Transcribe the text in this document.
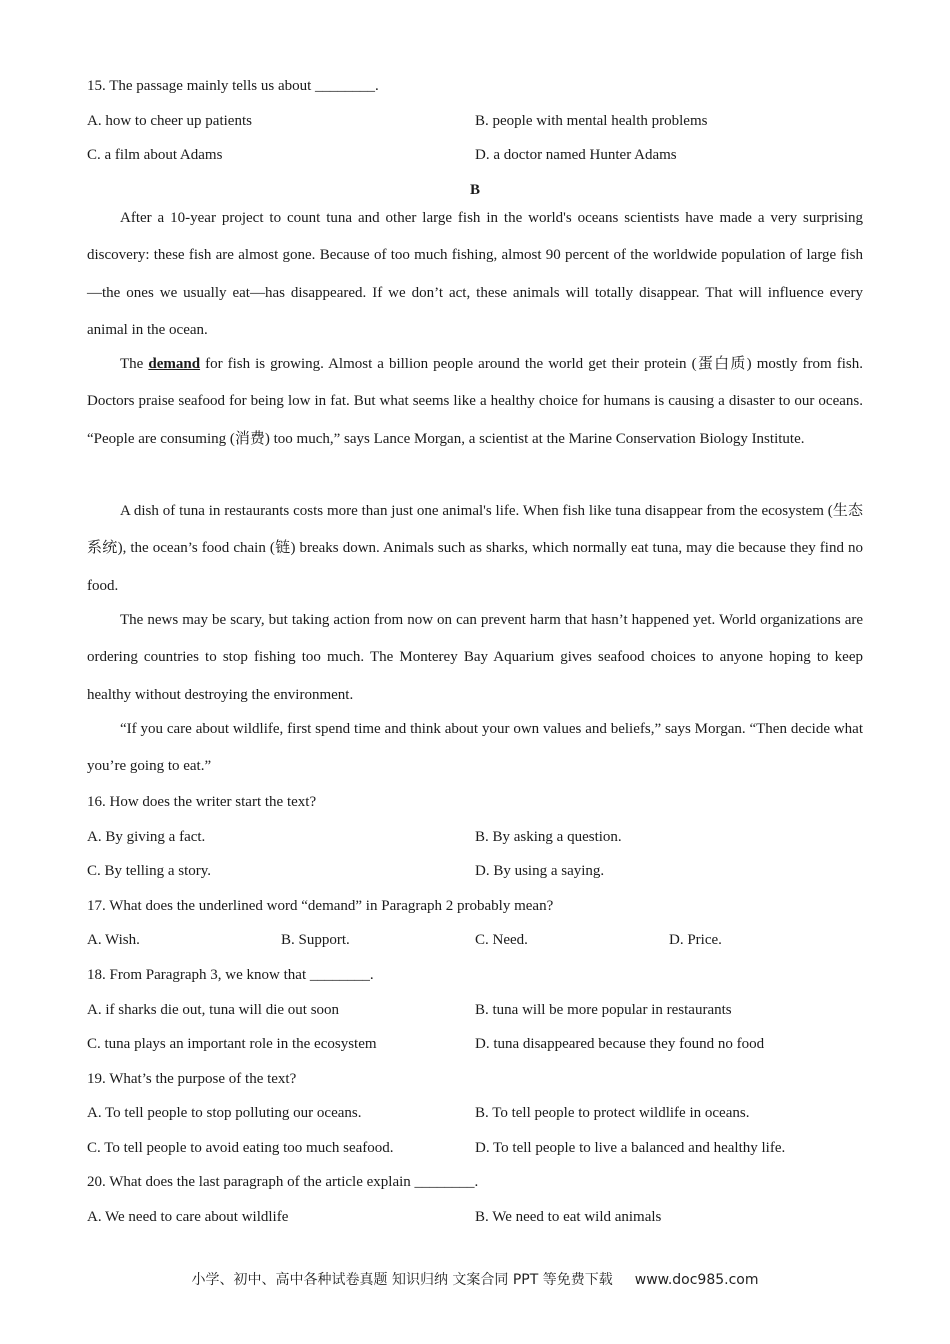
15. The passage mainly tells us about ________.
A. how to cheer up patients	B. people with mental health problems
C. a film about Adams	D. a doctor named Hunter Adams
B

After a 10-year project to count tuna and other large fish in the world's oceans scientists have made a very surprising discovery: these fish are almost gone. Because of too much fishing, almost 90 percent of the worldwide population of large fish—the ones we usually eat—has disappeared. If we don’t act, these animals will totally disappear. That will influence every animal in the ocean.

The demand for fish is growing. Almost a billion people around the world get their protein (蛋白质) mostly from fish. Doctors praise seafood for being low in fat. But what seems like a healthy choice for humans is causing a disaster to our oceans. “People are consuming (消费) too much,” says Lance Morgan, a scientist at the Marine Conservation Biology Institute.

A dish of tuna in restaurants costs more than just one animal's life. When fish like tuna disappear from the ecosystem (生态系统), the ocean’s food chain (链) breaks down. Animals such as sharks, which normally eat tuna, may die because they find no food.

The news may be scary, but taking action from now on can prevent harm that hasn’t happened yet. World organizations are ordering countries to stop fishing too much. The Monterey Bay Aquarium gives seafood choices to anyone hoping to keep healthy without destroying the environment.

“If you care about wildlife, first spend time and think about your own values and beliefs,” says Morgan. “Then decide what you’re going to eat.”

16. How does the writer start the text?
A. By giving a fact.	B. By asking a question.
C. By telling a story.	D. By using a saying.
17. What does the underlined word “demand” in Paragraph 2 probably mean?
A. Wish.	B. Support.	C. Need.	D. Price.
18. From Paragraph 3, we know that ________.
A. if sharks die out, tuna will die out soon	B. tuna will be more popular in restaurants
C. tuna plays an important role in the ecosystem	D. tuna disappeared because they found no food
19. What’s the purpose of the text?
A. To tell people to stop polluting our oceans.	B. To tell people to protect wildlife in oceans.
C. To tell people to avoid eating too much seafood.	D. To tell people to live a balanced and healthy life.
20. What does the last paragraph of the article explain ________.
A. We need to care about wildlife	B. We need to eat wild animals
小学、初中、高中各种试卷真题 知识归纳 文案合同 PPT 等免费下载 www.doc985.com
